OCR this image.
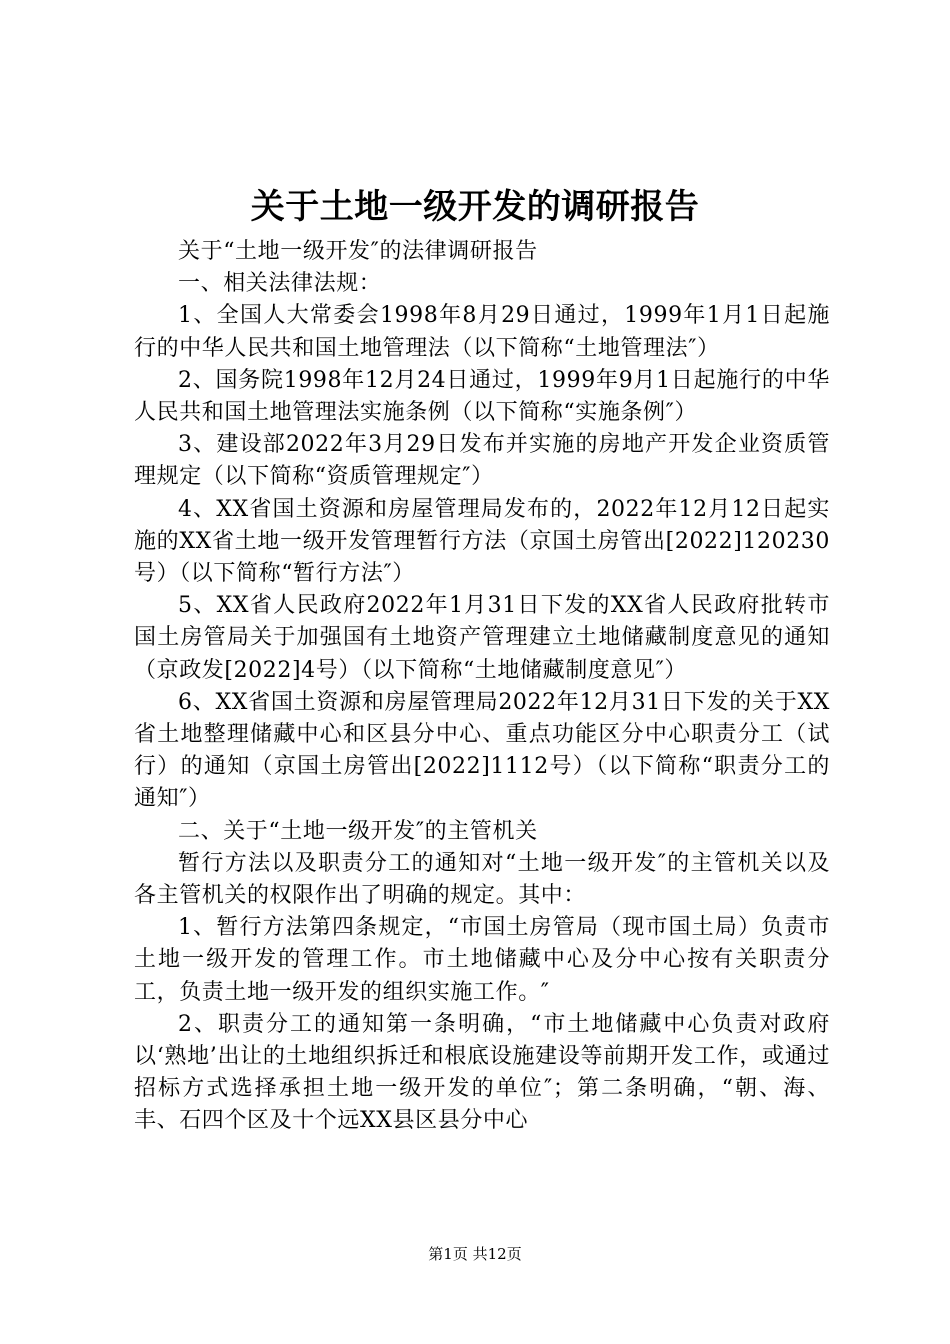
关于土地一级开发的调研报告

关于“土地一级开发″的法律调研报告

一、相关法律法规：

1、全国人大常委会1998年8月29日通过，1999年1月1日起施行的中华人民共和国土地管理法（以下简称“土地管理法″）

2、国务院1998年12月24日通过，1999年9月1日起施行的中华人民共和国土地管理法实施条例（以下简称“实施条例″）

3、建设部2022年3月29日发布并实施的房地产开发企业资质管理规定（以下简称“资质管理规定″）

4、XX省国土资源和房屋管理局发布的，2022年12月12日起实施的XX省土地一级开发管理暂行方法（京国土房管出[2022]120230号）（以下简称“暂行方法″）

5、XX省人民政府2022年1月31日下发的XX省人民政府批转市国土房管局关于加强国有土地资产管理建立土地储藏制度意见的通知（京政发[2022]4号）（以下简称“土地储藏制度意见″）

6、XX省国土资源和房屋管理局2022年12月31日下发的关于XX省土地整理储藏中心和区县分中心、重点功能区分中心职责分工（试行）的通知（京国土房管出[2022]1112号）（以下简称“职责分工的通知″）

二、关于“土地一级开发″的主管机关

暂行方法以及职责分工的通知对“土地一级开发″的主管机关以及各主管机关的权限作出了明确的规定。其中：

1、暂行方法第四条规定，“市国土房管局（现市国土局）负责市土地一级开发的管理工作。市土地储藏中心及分中心按有关职责分工，负责土地一级开发的组织实施工作。″

2、职责分工的通知第一条明确，“市土地储藏中心负责对政府以‘熟地’出让的土地组织拆迁和根底设施建设等前期开发工作，或通过招标方式选择承担土地一级开发的单位″；第二条明确，“朝、海、丰、石四个区及十个远XX县区县分中心

第1页 共12页
